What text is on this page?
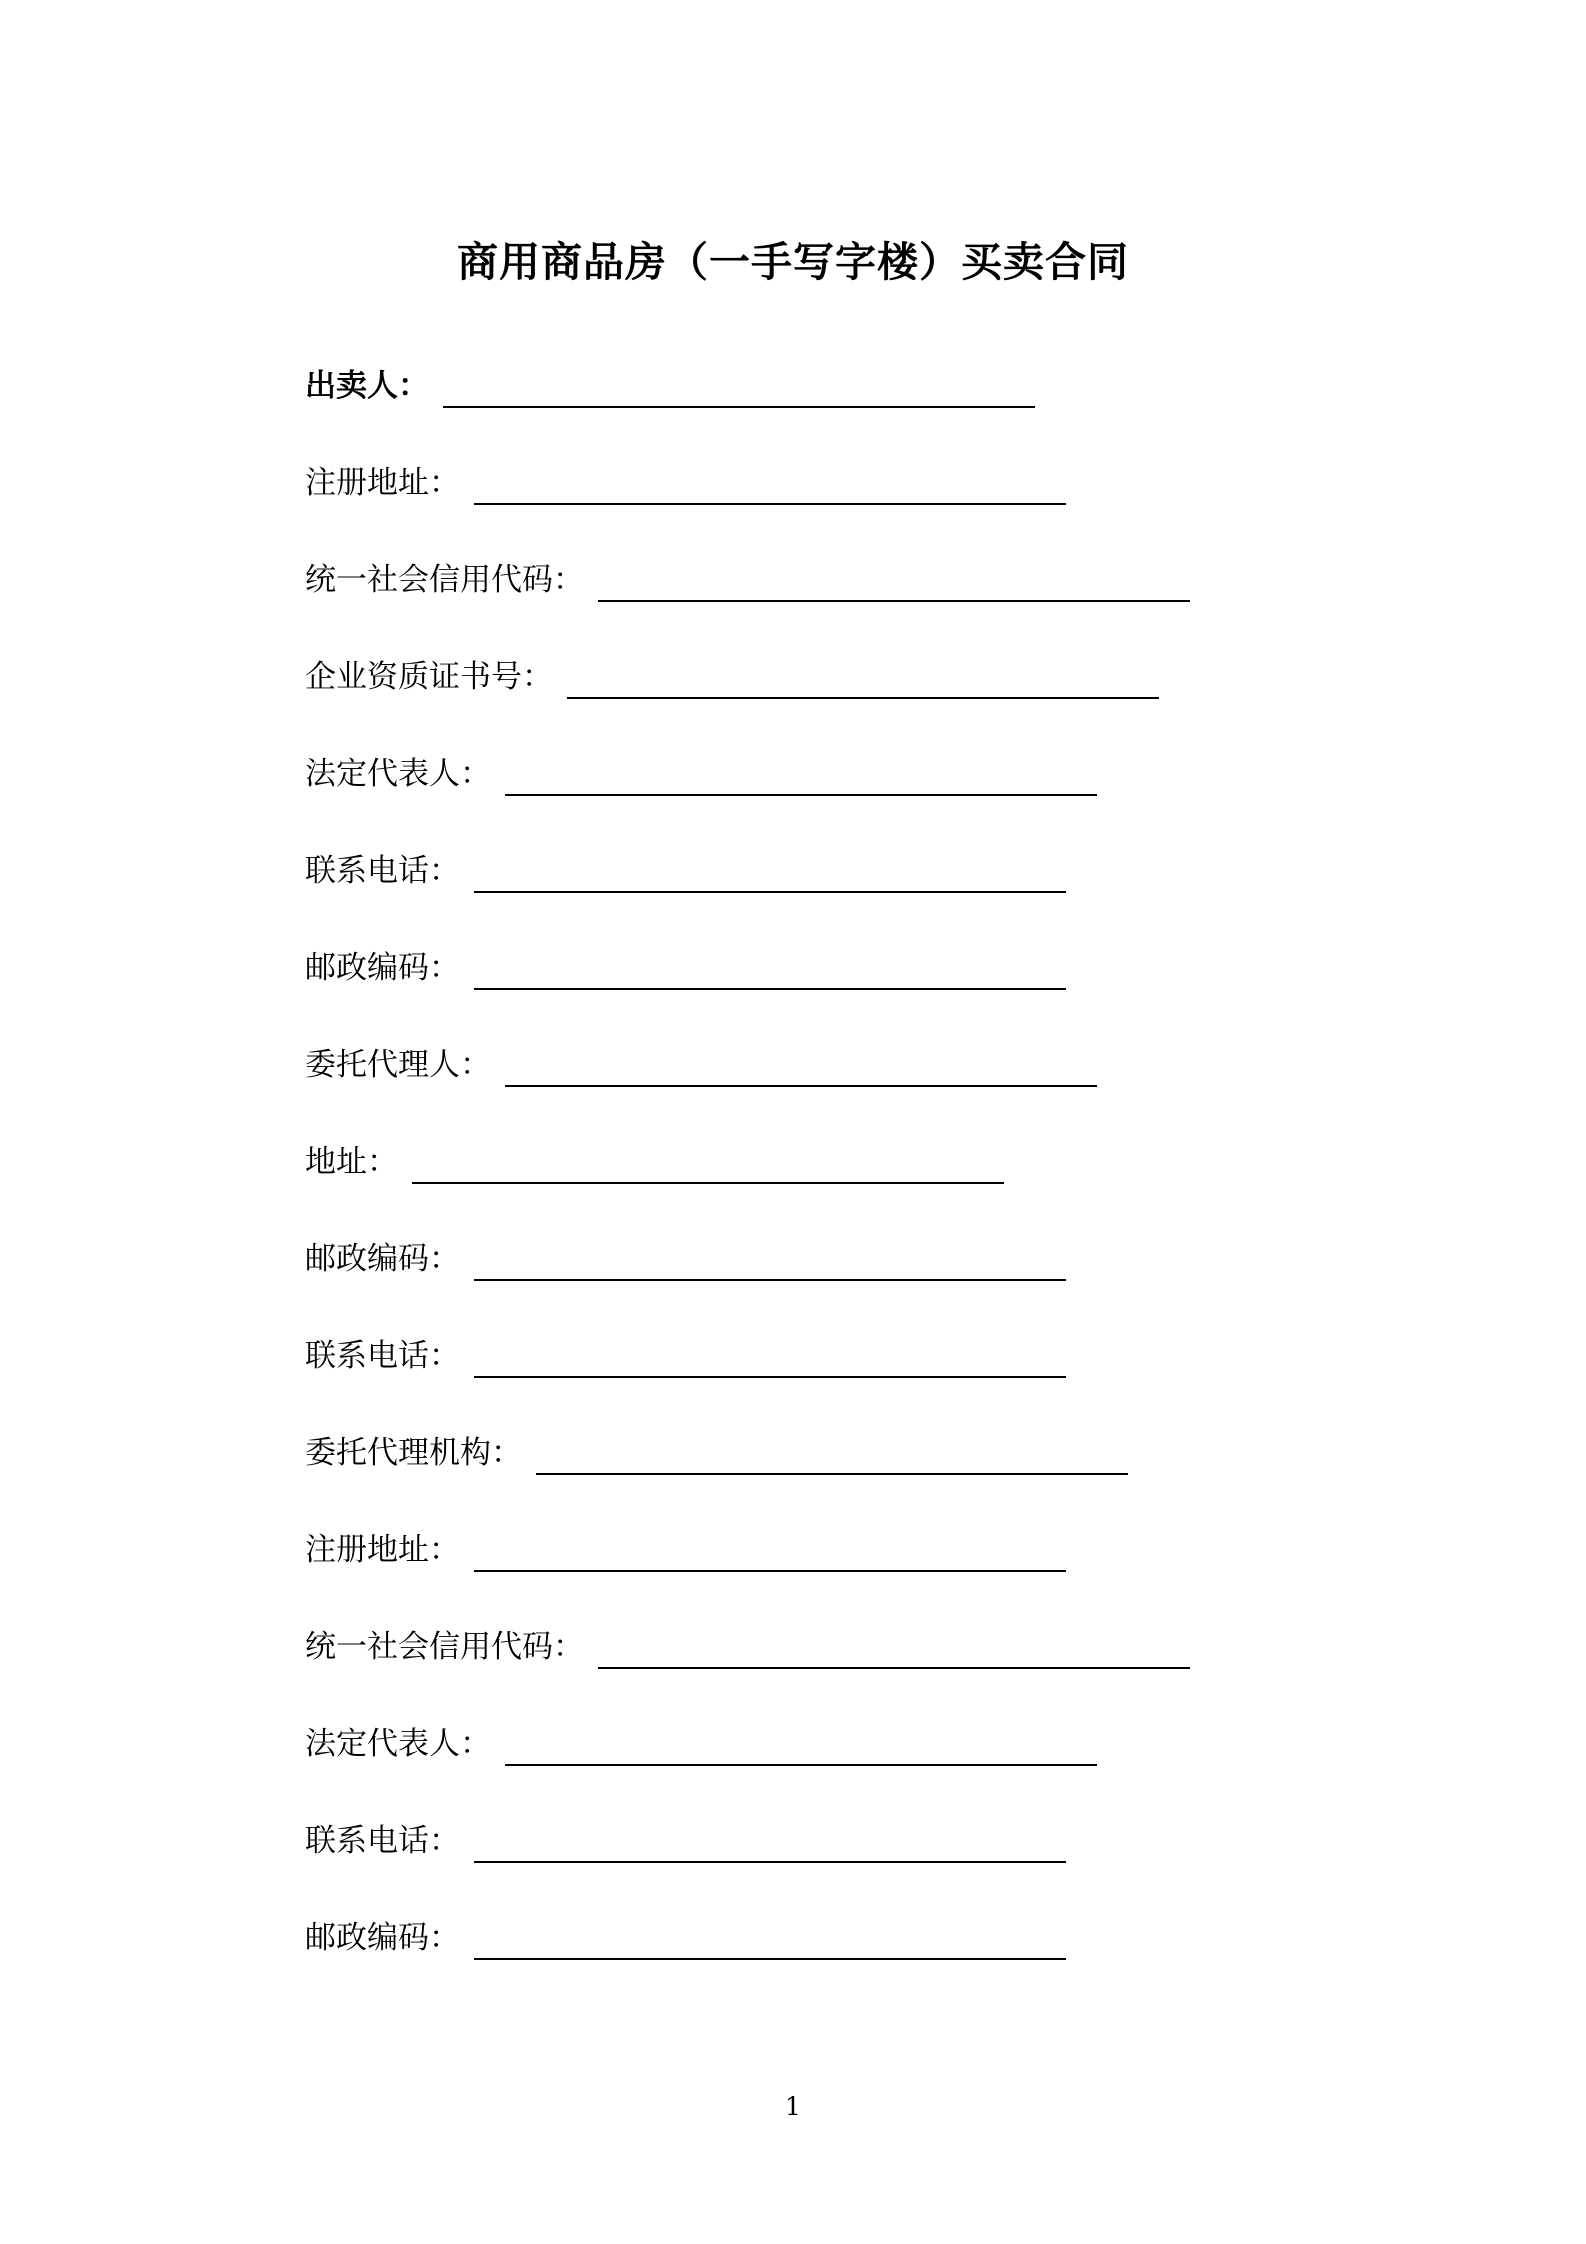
商用商品房（一手写字楼）买卖合同
出卖人：
注册地址：
统一社会信用代码：
企业资质证书号：
法定代表人：
联系电话：
邮政编码：
委托代理人：
地址：
邮政编码：
联系电话：
委托代理机构：
注册地址：
统一社会信用代码：
法定代表人：
联系电话：
邮政编码：
1
